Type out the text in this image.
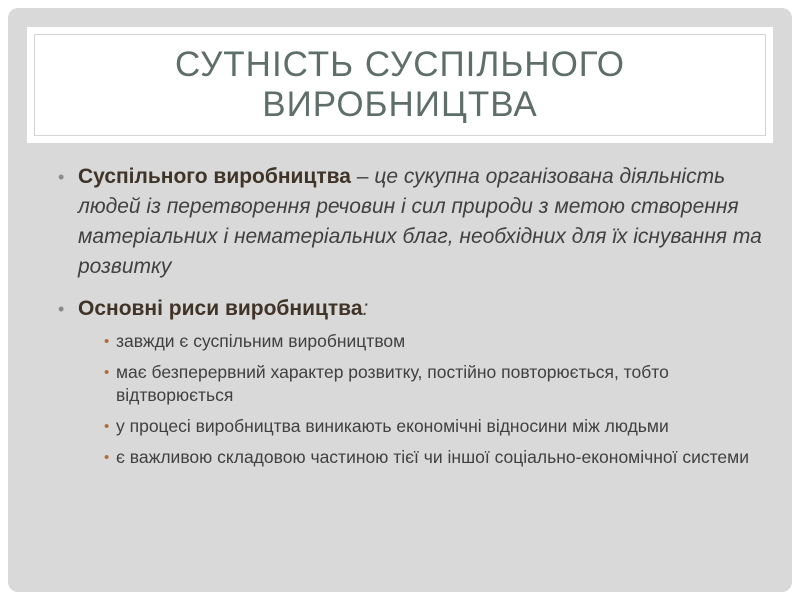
СУТНІСТЬ СУСПІЛЬНОГО ВИРОБНИЦТВА
• Суспільного виробництва – це сукупна організована діяльність людей із перетворення речовин і сил природи з метою створення матеріальних і нематеріальних благ, необхідних для їх існування та розвитку
• Основні риси виробництва:
• завжди є суспільним виробництвом
• має безперервний характер розвитку, постійно повторюється, тобто відтворюється
• у процесі виробництва виникають економічні відносини між людьми
• є важливою складовою частиною тієї чи іншої соціально-економічної системи
